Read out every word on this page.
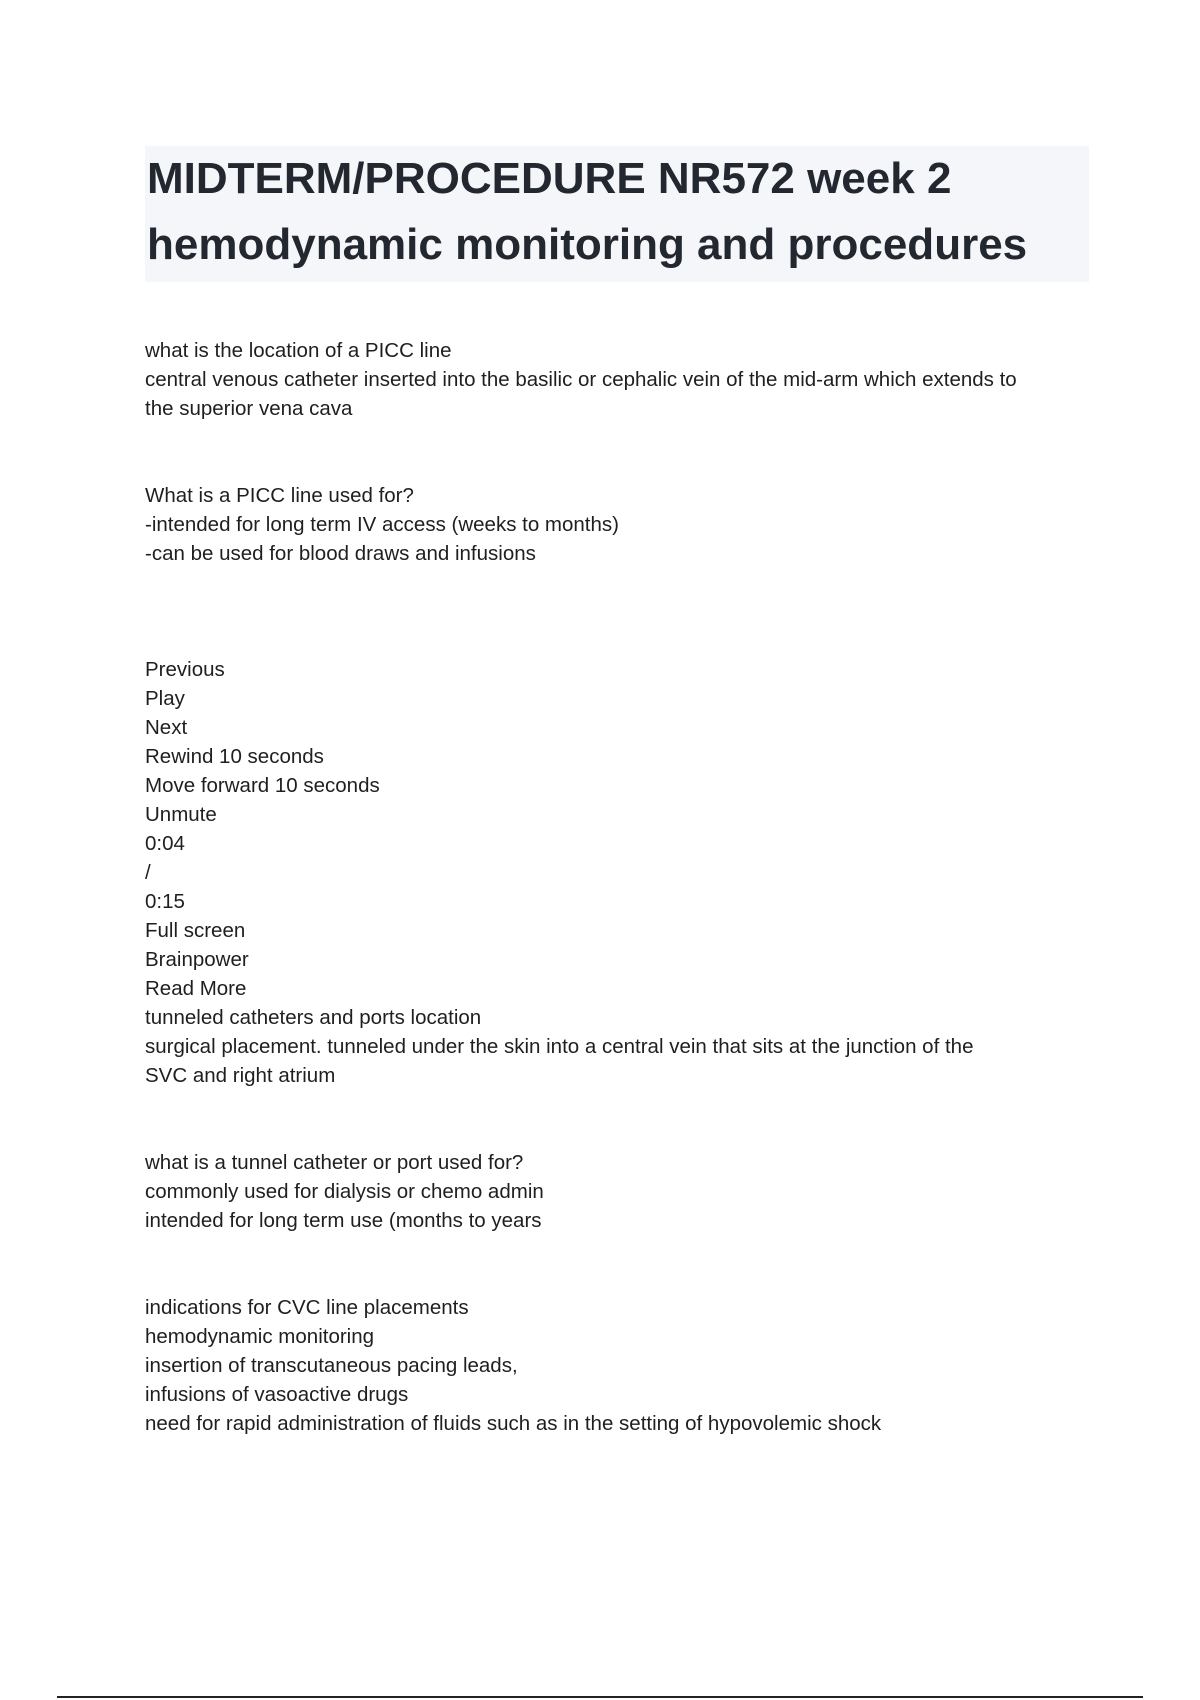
MIDTERM/PROCEDURE NR572 week 2
hemodynamic monitoring and procedures
what is the location of a PICC line
central venous catheter inserted into the basilic or cephalic vein of the mid-arm which extends to
the superior vena cava
What is a PICC line used for?
-intended for long term IV access (weeks to months)
-can be used for blood draws and infusions
Previous
Play
Next
Rewind 10 seconds
Move forward 10 seconds
Unmute
0:04
/
0:15
Full screen
Brainpower
Read More
tunneled catheters and ports location
surgical placement. tunneled under the skin into a central vein that sits at the junction of the
SVC and right atrium
what is a tunnel catheter or port used for?
commonly used for dialysis or chemo admin
intended for long term use (months to years
indications for CVC line placements
hemodynamic monitoring
insertion of transcutaneous pacing leads,
infusions of vasoactive drugs
need for rapid administration of fluids such as in the setting of hypovolemic shock
